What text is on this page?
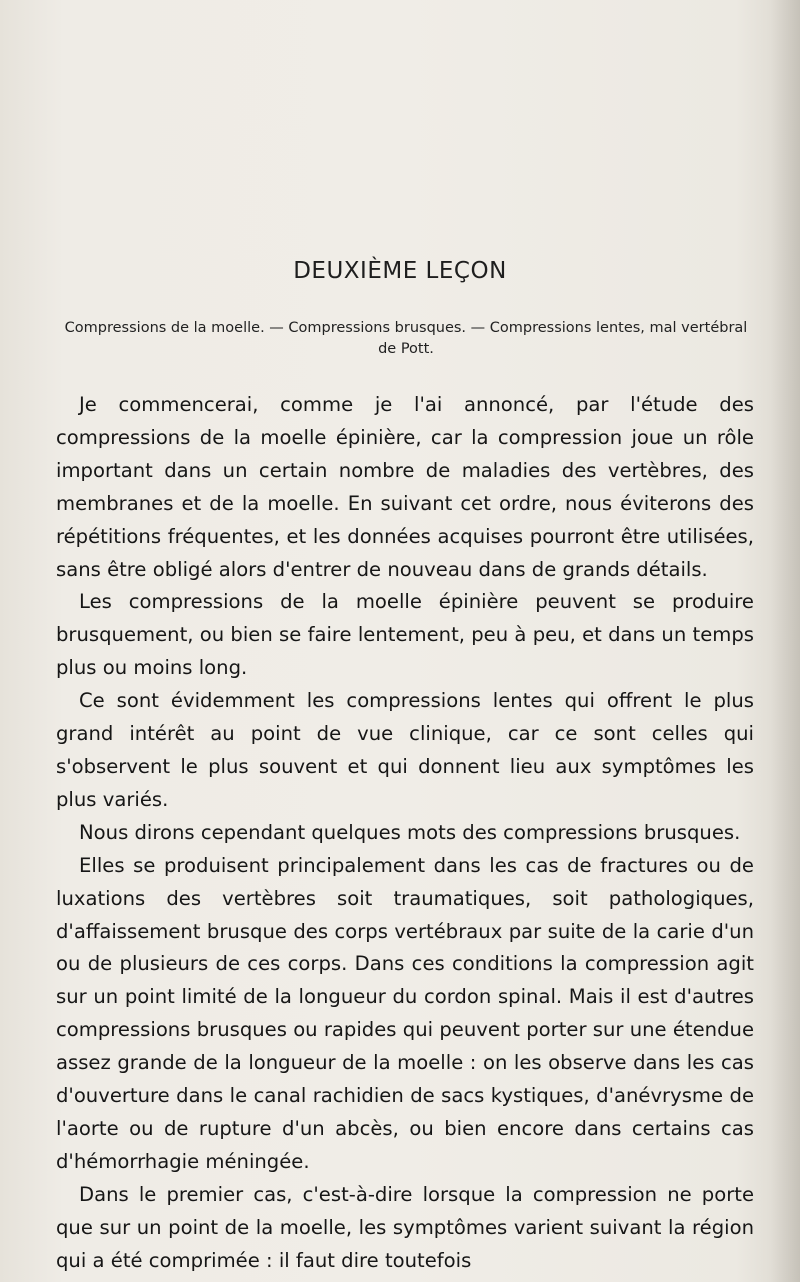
DEUXIÈME LEÇON
Compressions de la moelle. — Compressions brusques. — Compressions lentes, mal vertébral de Pott.

Je commencerai, comme je l'ai annoncé, par l'étude des compressions de la moelle épinière, car la compression joue un rôle important dans un certain nombre de maladies des vertèbres, des membranes et de la moelle. En suivant cet ordre, nous éviterons des répétitions fréquentes, et les données acquises pourront être utilisées, sans être obligé alors d'entrer de nouveau dans de grands détails.

Les compressions de la moelle épinière peuvent se produire brusquement, ou bien se faire lentement, peu à peu, et dans un temps plus ou moins long.

Ce sont évidemment les compressions lentes qui offrent le plus grand intérêt au point de vue clinique, car ce sont celles qui s'observent le plus souvent et qui donnent lieu aux symptômes les plus variés.

Nous dirons cependant quelques mots des compressions brusques.

Elles se produisent principalement dans les cas de fractures ou de luxations des vertèbres soit traumatiques, soit pathologiques, d'affaissement brusque des corps vertébraux par suite de la carie d'un ou de plusieurs de ces corps. Dans ces conditions la compression agit sur un point limité de la longueur du cordon spinal. Mais il est d'autres compressions brusques ou rapides qui peuvent porter sur une étendue assez grande de la longueur de la moelle : on les observe dans les cas d'ouverture dans le canal rachidien de sacs kystiques, d'anévrysme de l'aorte ou de rupture d'un abcès, ou bien encore dans certains cas d'hémorrhagie méningée.

Dans le premier cas, c'est-à-dire lorsque la compression ne porte que sur un point de la moelle, les symptômes varient suivant la région qui a été comprimée : il faut dire toutefois
